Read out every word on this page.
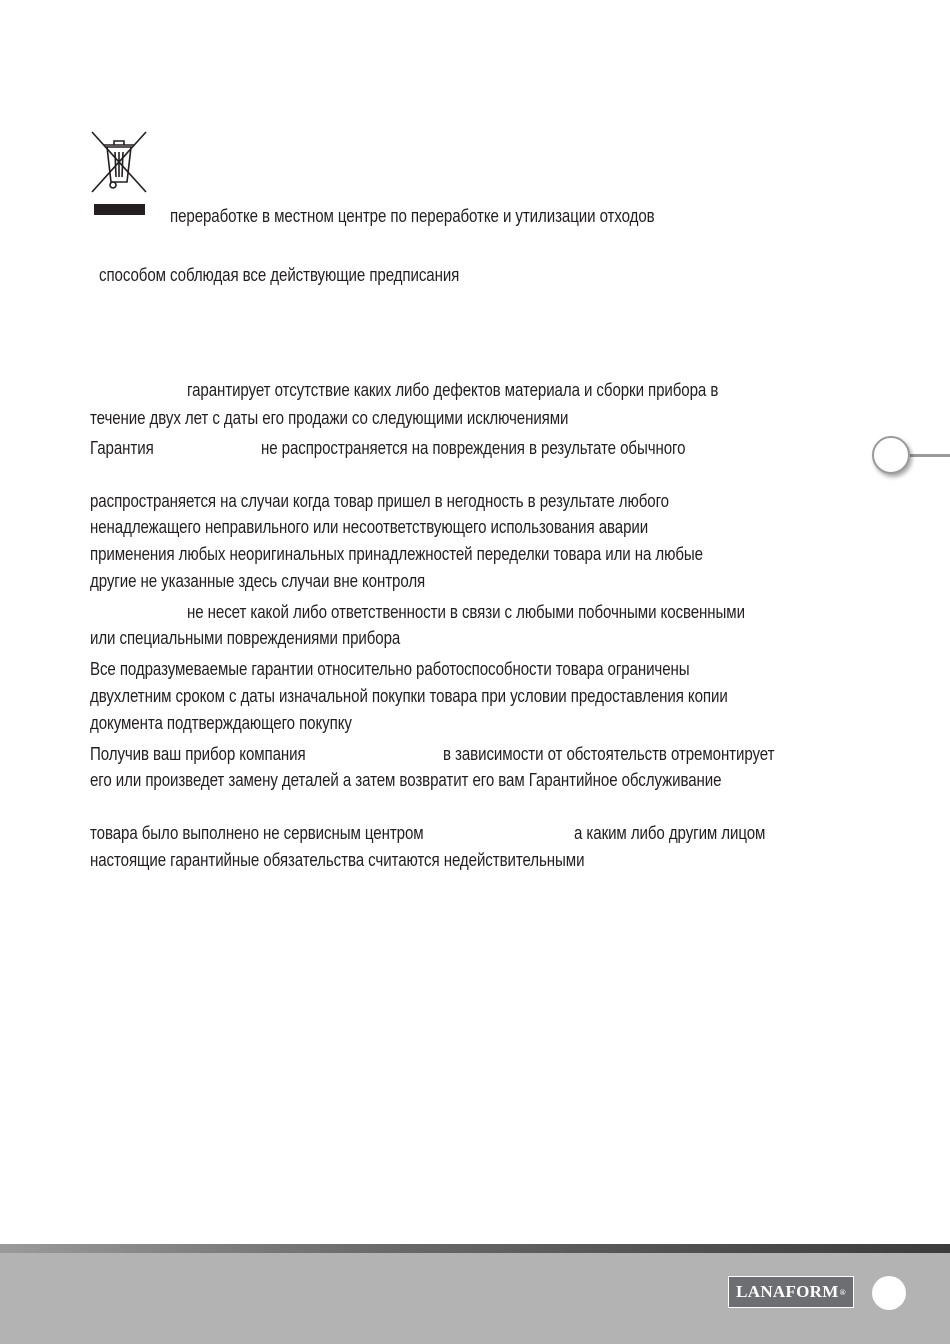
переработке в местном центре по переработке и утилизации отходов
способом соблюдая все действующие предписания
гарантирует отсутствие каких либо дефектов материала и сборки прибора в
течение двух лет с даты его продажи со следующими исключениями
Гарантия	не распространяется на повреждения в результате обычного
распространяется на случаи когда товар пришел в негодность в результате любого
ненадлежащего неправильного или несоответствующего использования аварии
применения любых неоригинальных принадлежностей переделки товара или на любые
другие не указанные здесь случаи вне контроля
не несет какой либо ответственности в связи с любыми побочными косвенными
или специальными повреждениями прибора
Все подразумеваемые гарантии относительно работоспособности товара ограничены
двухлетним сроком с даты изначальной покупки товара при условии предоставления копии
документа подтверждающего покупку
Получив ваш прибор компания	в зависимости от обстоятельств отремонтирует
его или произведет замену деталей а затем возвратит его вам Гарантийное обслуживание
товара было выполнено не сервисным центром	а каким либо другим лицом
настоящие гарантийные обязательства считаются недействительными
LANAFORM ®
